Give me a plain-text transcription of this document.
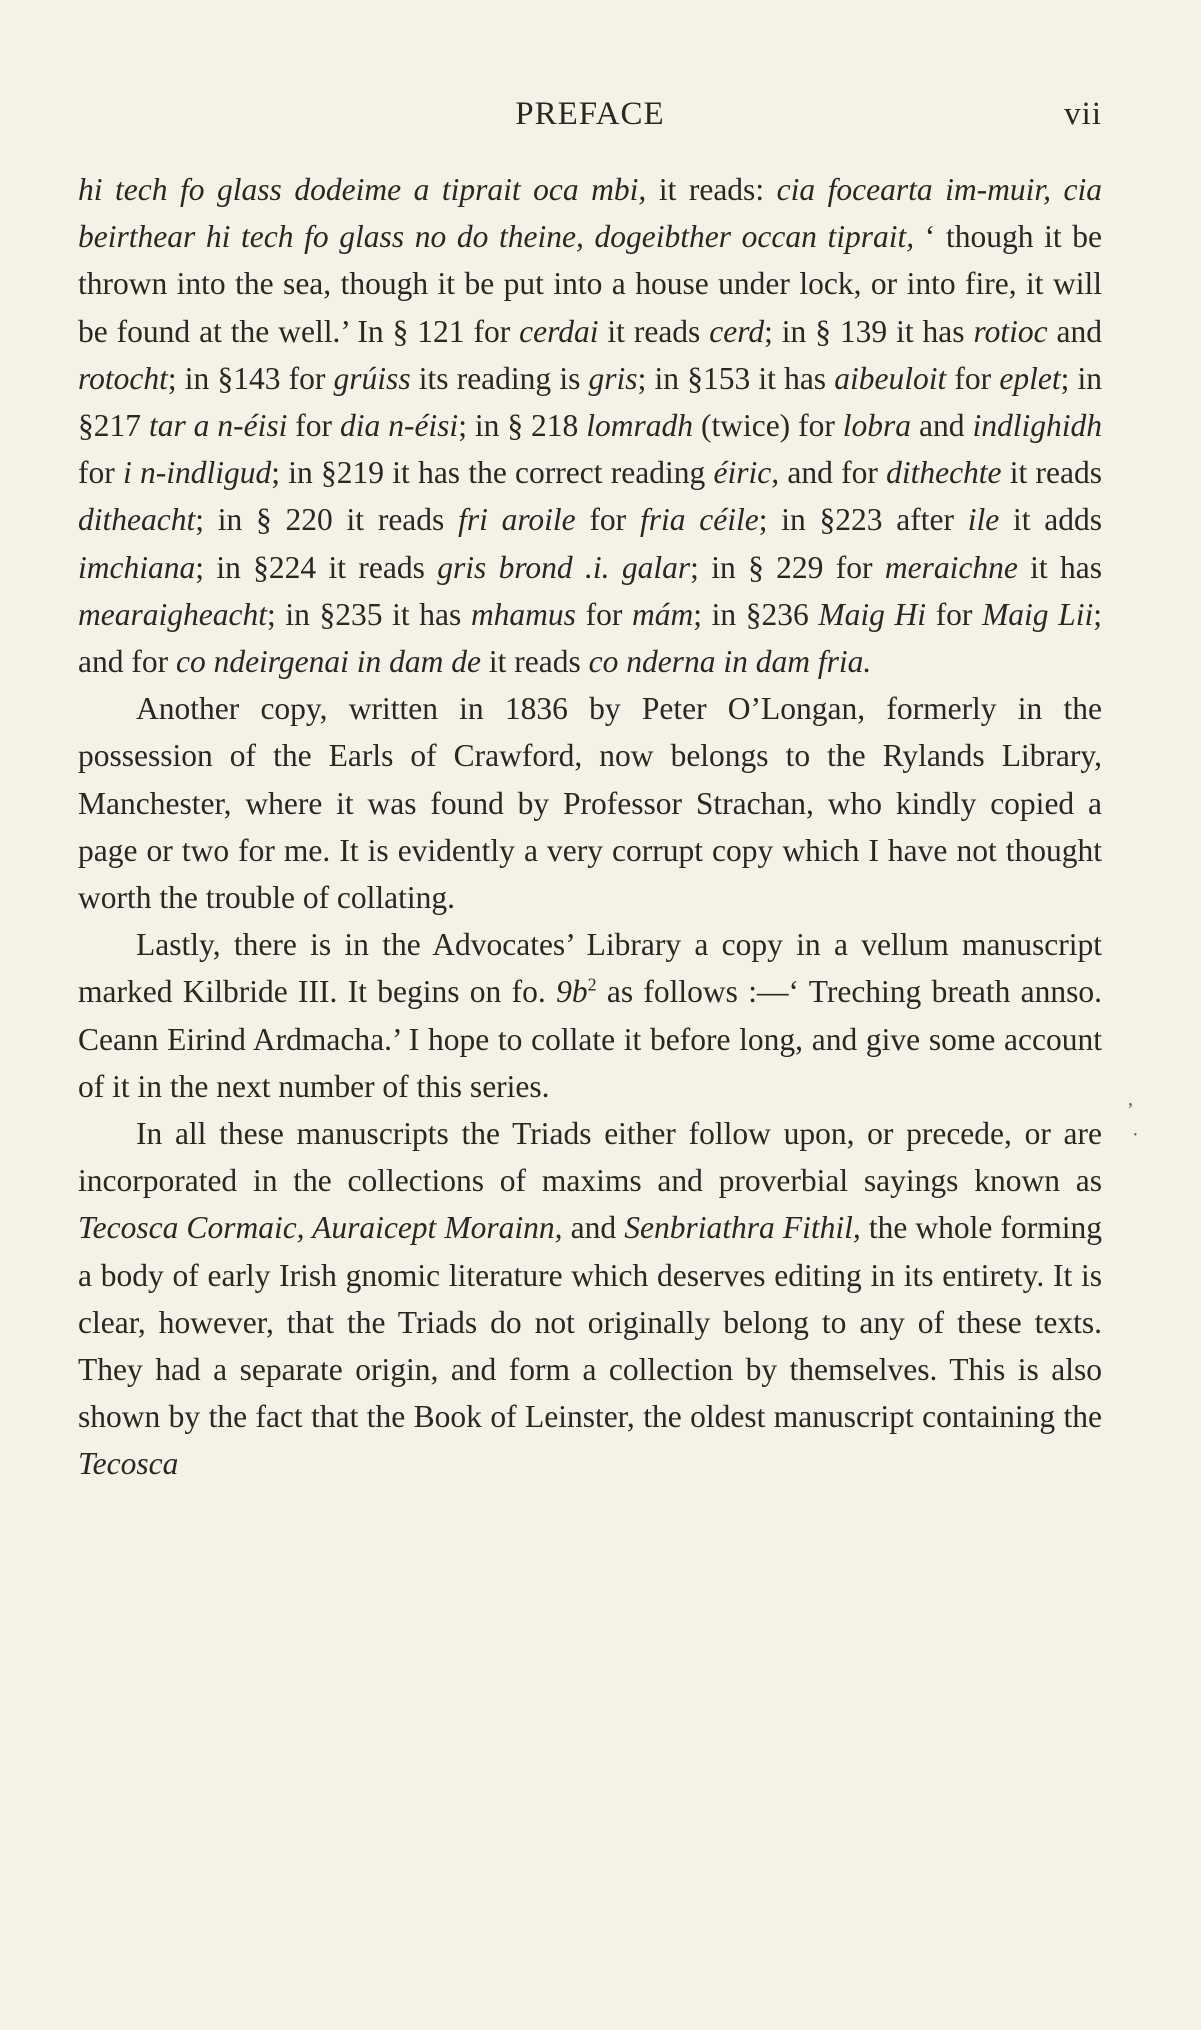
PREFACE	vii

hi tech fo glass dodeime a tiprait oca mbi, it reads: cia focearta im-muir, cia beirthear hi tech fo glass no do theine, dogeibther occan tiprait, ‘ though it be thrown into the sea, though it be put into a house under lock, or into fire, it will be found at the well.’ In § 121 for cerdai it reads cerd; in § 139 it has rotioc and rotocht; in §143 for grúiss its reading is gris; in §153 it has aibeuloit for eplet; in §217 tar a n-éisi for dia n-éisi; in § 218 lomradh (twice) for lobra and indlighidh for i n-indligud; in §219 it has the correct reading éiric, and for dithechte it reads ditheacht; in § 220 it reads fri aroile for fria céile; in §223 after ile it adds imchiana; in §224 it reads gris brond .i. galar; in § 229 for meraichne it has mearaigheacht; in §235 it has mhamus for mám; in §236 Maig Hi for Maig Lii; and for co ndeirgenai in dam de it reads co nderna in dam fria.

Another copy, written in 1836 by Peter O’Longan, formerly in the possession of the Earls of Crawford, now belongs to the Rylands Library, Manchester, where it was found by Professor Strachan, who kindly copied a page or two for me. It is evidently a very corrupt copy which I have not thought worth the trouble of collating.

Lastly, there is in the Advocates’ Library a copy in a vellum manuscript marked Kilbride III. It begins on fo. $9b^2$ as follows :—‘ Treching breath annso. Ceann Eirind Ardmacha.’ I hope to collate it before long, and give some account of it in the next number of this series.

In all these manuscripts the Triads either follow upon, or precede, or are incorporated in the collections of maxims and proverbial sayings known as Tecosca Cormaic, Auraicept Morainn, and Senbriathra Fithil, the whole forming a body of early Irish gnomic literature which deserves editing in its entirety. It is clear, however, that the Triads do not originally belong to any of these texts. They had a separate origin, and form a collection by themselves. This is also shown by the fact that the Book of Leinster, the oldest manuscript containing the Tecosca

,
·
